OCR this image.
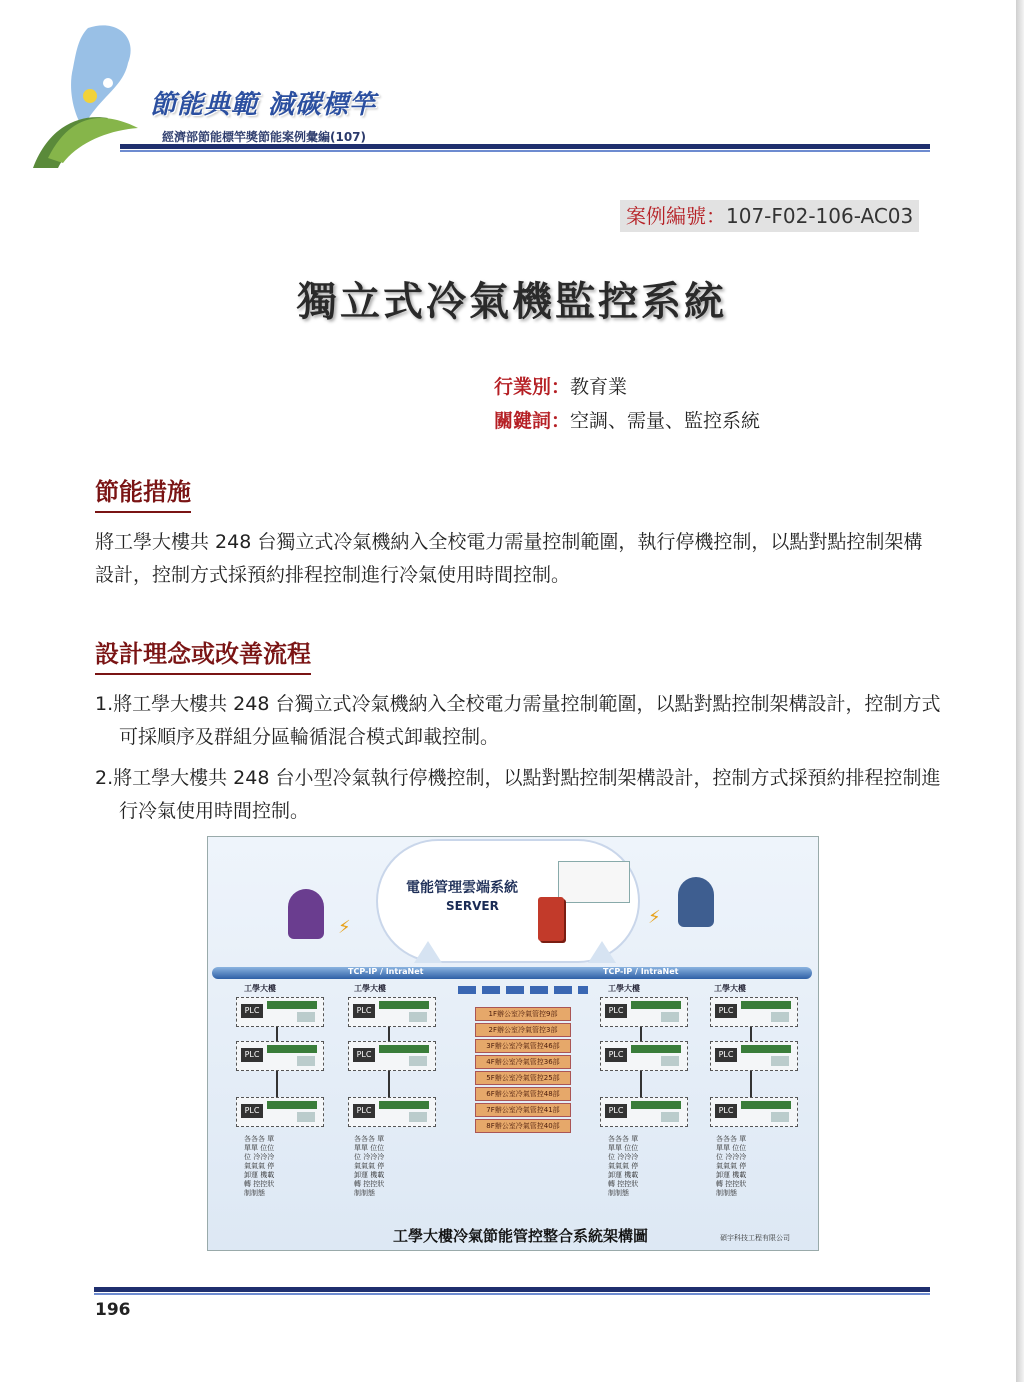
節能典範 減碳標竿
經濟部節能標竿獎節能案例彙編(107)
案例編號：107-F02-106-AC03
獨立式冷氣機監控系統
行業別：教育業
關鍵詞：空調、需量、監控系統
節能措施
將工學大樓共 248 台獨立式冷氣機納入全校電力需量控制範圍，執行停機控制，以點對點控制架構設計，控制方式採預約排程控制進行冷氣使用時間控制。
設計理念或改善流程
1.將工學大樓共 248 台獨立式冷氣機納入全校電力需量控制範圍，以點對點控制架構設計，控制方式可採順序及群組分區輪循混合模式卸載控制。
2.將工學大樓共 248 台小型冷氣執行停機控制，以點對點控制架構設計，控制方式採預約排程控制進行冷氣使用時間控制。
電能管理雲端系統
SERVER
⚡	⚡
TCP-IP / IntraNet	TCP-IP / IntraNet
工學大樓	工學大樓	工學大樓	工學大樓
PLC
PLC
PLC
PLC
PLC
PLC
1F辦公室冷氣管控9部
2F辦公室冷氣管控3部
3F辦公室冷氣管控46部
4F辦公室冷氣管控36部
5F辦公室冷氣管控25部
6F辦公室冷氣管控48部
7F辦公室冷氣管控41部
8F辦公室冷氣管控40部
PLC
PLC
PLC
PLC
PLC
PLC
各各各 單單單 位位位 冷冷冷 氣氣氣 停卸運 機載轉 控控狀 制制態
各各各 單單單 位位位 冷冷冷 氣氣氣 停卸運 機載轉 控控狀 制制態
各各各 單單單 位位位 冷冷冷 氣氣氣 停卸運 機載轉 控控狀 制制態
各各各 單單單 位位位 冷冷冷 氣氣氣 停卸運 機載轉 控控狀 制制態
工學大樓冷氣節能管控整合系統架構圖	碩宇科技工程有限公司
196
